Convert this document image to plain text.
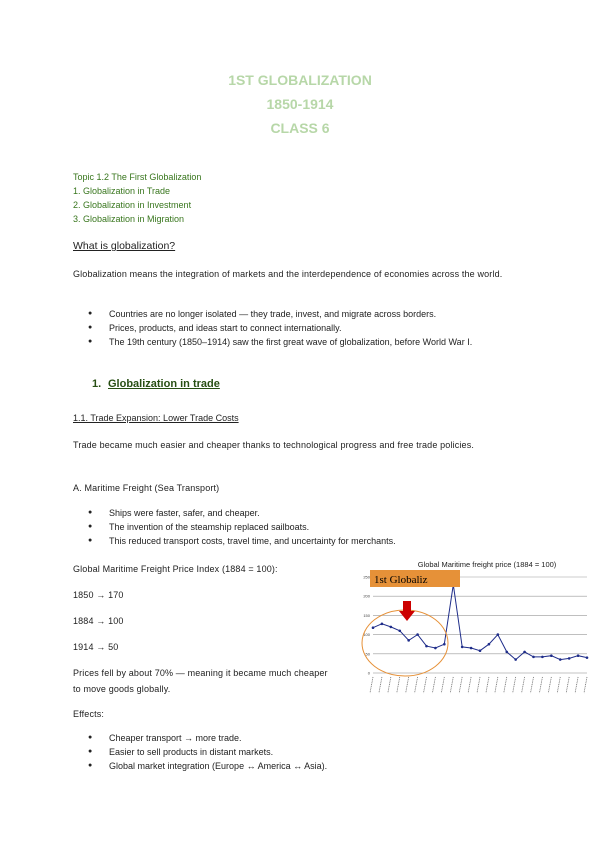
1ST GLOBALIZATION
1850-1914
CLASS 6
Topic 1.2 The First Globalization
1. Globalization in Trade
2. Globalization in Investment
3. Globalization in Migration
What is globalization?
Globalization means the integration of markets and the interdependence of economies across the world.
● Countries are no longer isolated — they trade, invest, and migrate across borders.
● Prices, products, and ideas start to connect internationally.
● The 19th century (1850–1914) saw the first great wave of globalization, before World War I.
1. Globalization in trade
1.1. Trade Expansion: Lower Trade Costs
Trade became much easier and cheaper thanks to technological progress and free trade policies.
A. Maritime Freight (Sea Transport)
● Ships were faster, safer, and cheaper.
● The invention of the steamship replaced sailboats.
● This reduced transport costs, travel time, and uncertainty for merchants.
Global Maritime Freight Price Index (1884 = 100):
1850 → 170
1884 → 100
1914 → 50
Prices fell by about 70% — meaning it became much cheaper to move goods globally.
Effects:
● Cheaper transport → more trade.
● Easier to sell products in distant markets.
● Global market integration (Europe ↔ America ↔ Asia).
Global Maritime freight price (1884 = 100)
0
50
100
150
200
250 1st Globaliz
